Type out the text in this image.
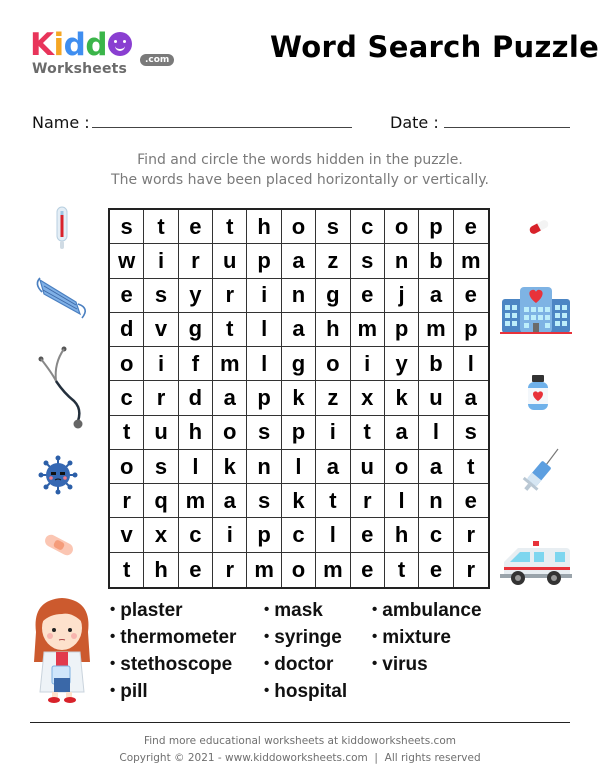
Kidd
Worksheets
.com	Word Search Puzzle
Name :	Date :
Find and circle the words hidden in the puzzle.
The words have been placed horizontally or vertically.
s	t	e	t	h o s	c o p	e
w	i	r	u p a	z	s n b m
e	s	y	r	i	n g e	j	a	e
d v g	t	l	a h m p m p
o	i	f m l	g o	i	y b	l
c	r	d a p k	z	x	k u	a
t	u h o s p	i	t	a	l	s
o s	l	k n	l	a u o a	t
r	q m a	s	k	t	r	l	n	e
v	x	c	i	p c	l	e h c	r
t	h e	r m o m e	t	e	r
• plaster
• thermometer
• stethoscope
• pill
• mask
• syringe
• doctor
• hospital
• ambulance
• mixture
• virus
Find more educational worksheets at kiddoworksheets.com
Copyright © 2021 - www.kiddoworksheets.com  |  All rights reserved
